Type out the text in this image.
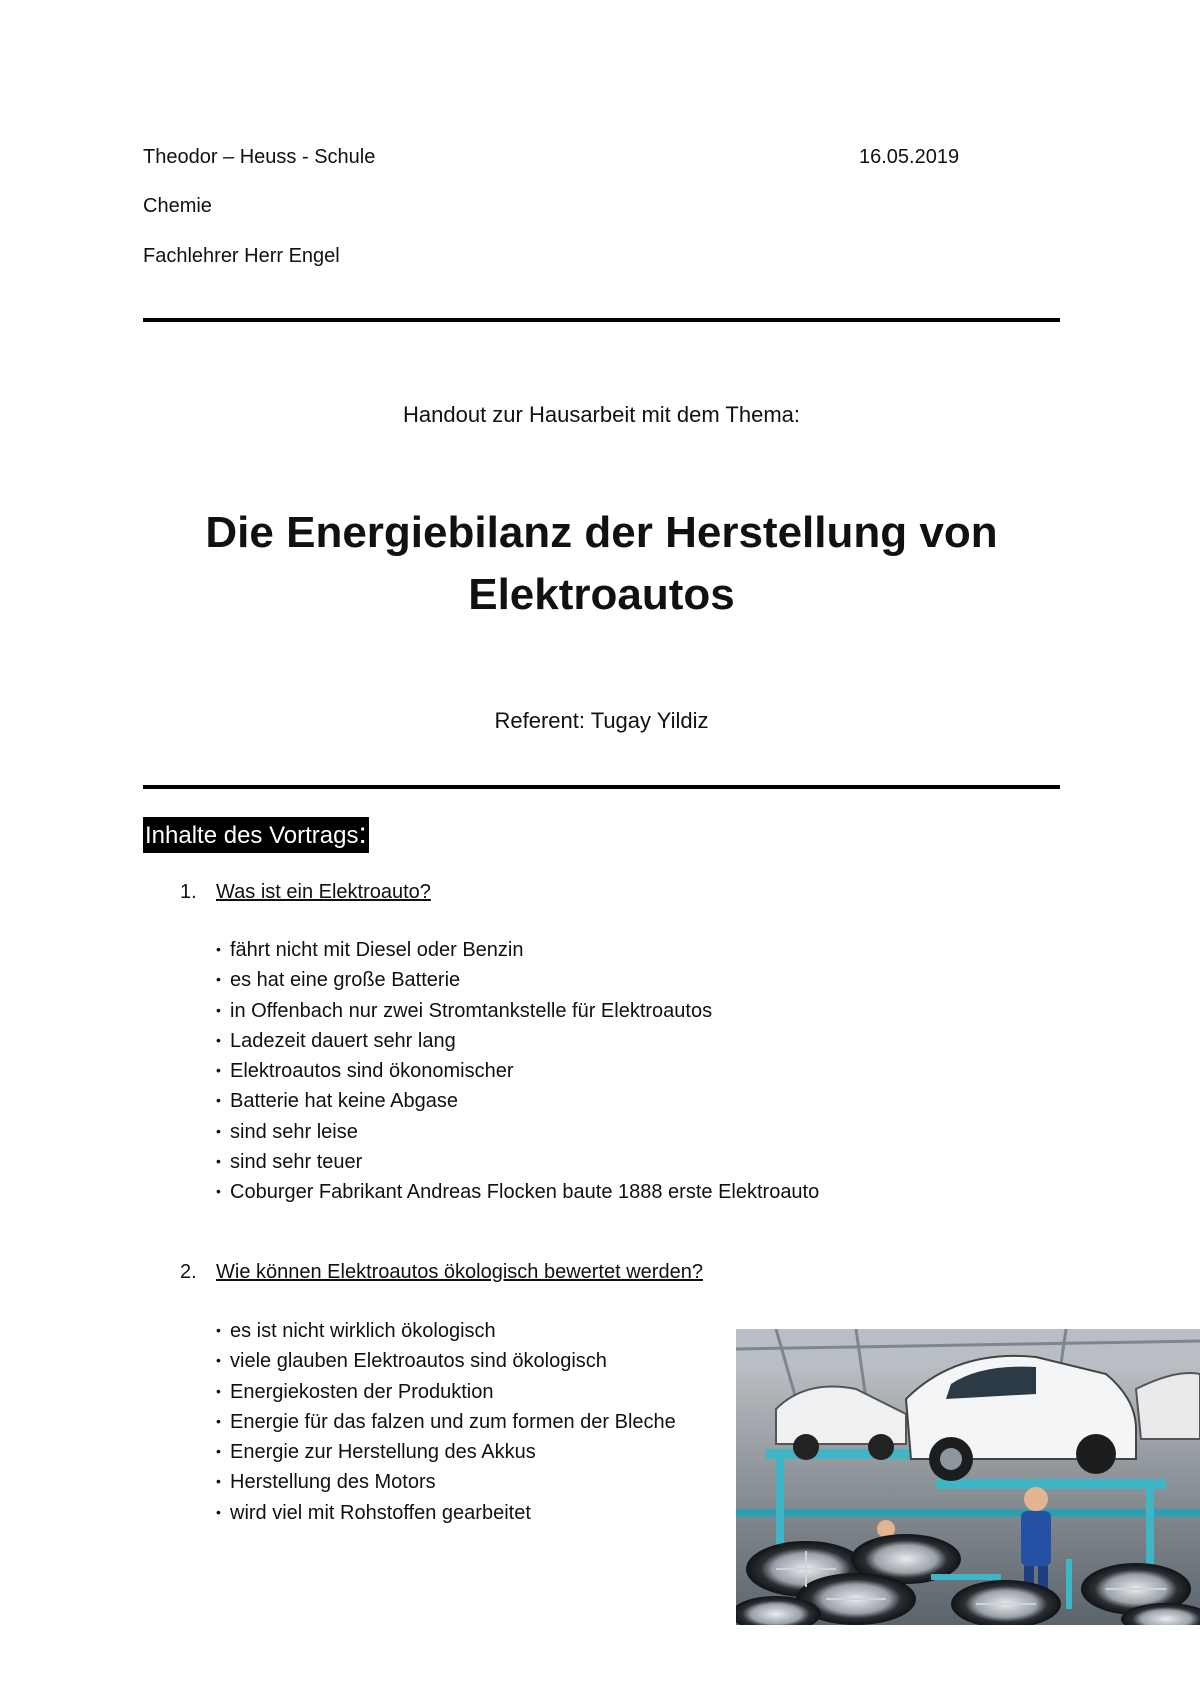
Theodor – Heuss - Schule	16.05.2019
Chemie
Fachlehrer Herr Engel
Handout zur Hausarbeit mit dem Thema:
Die Energiebilanz der Herstellung von Elektroautos
Referent: Tugay Yildiz
Inhalte des Vortrags:
1. Was ist ein Elektroauto?
• fährt nicht mit Diesel oder Benzin
• es hat eine große Batterie
• in Offenbach nur zwei Stromtankstelle für Elektroautos
• Ladezeit dauert sehr lang
• Elektroautos sind ökonomischer
• Batterie hat keine Abgase
• sind sehr leise
• sind sehr teuer
• Coburger Fabrikant Andreas Flocken baute 1888 erste Elektroauto
2. Wie können Elektroautos ökologisch bewertet werden?
• es ist nicht wirklich ökologisch
• viele glauben Elektroautos sind ökologisch
• Energiekosten der Produktion
• Energie für das falzen und zum formen der Bleche
• Energie zur Herstellung des Akkus
• Herstellung des Motors
• wird viel mit Rohstoffen gearbeitet
